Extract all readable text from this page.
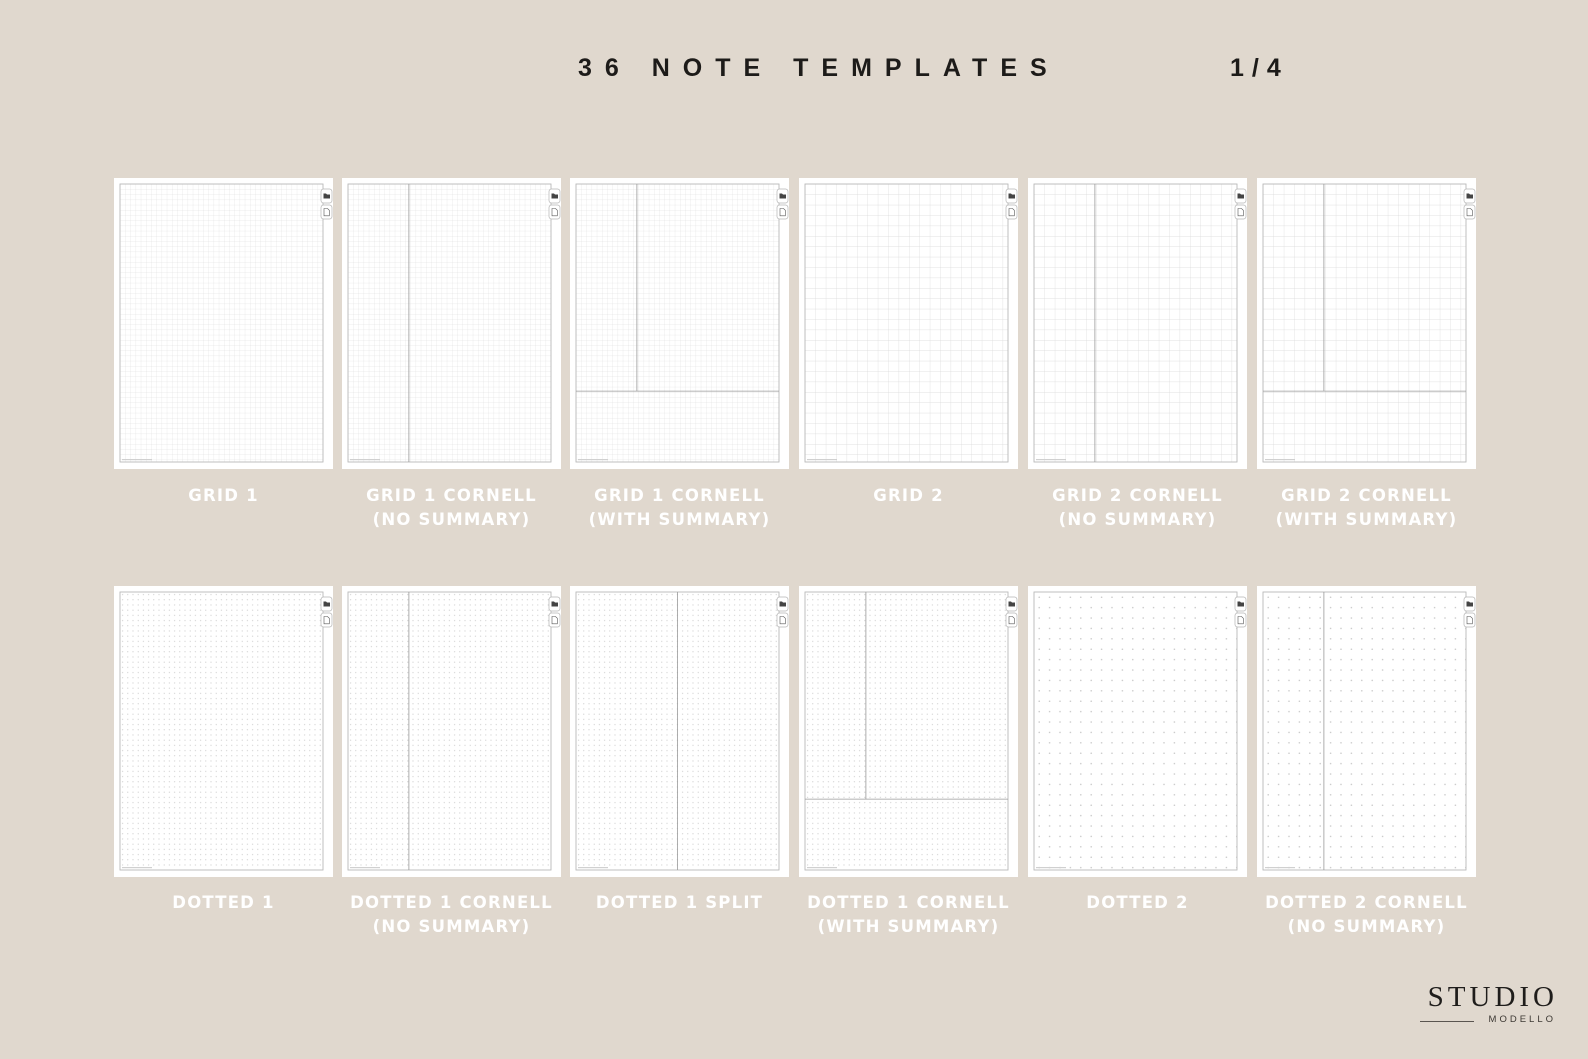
36 NOTE TEMPLATES	1/4
GRID 1	GRID 1 CORNELL
(NO SUMMARY)
GRID 1 CORNELL
(WITH SUMMARY)
GRID 2	GRID 2 CORNELL
(NO SUMMARY)
GRID 2 CORNELL
(WITH SUMMARY)
DOTTED 1	DOTTED 1 CORNELL
(NO SUMMARY)
DOTTED 1 SPLIT	DOTTED 1 CORNELL
(WITH SUMMARY)
DOTTED 2	DOTTED 2 CORNELL
(NO SUMMARY)
STUDIO
MODELLO
